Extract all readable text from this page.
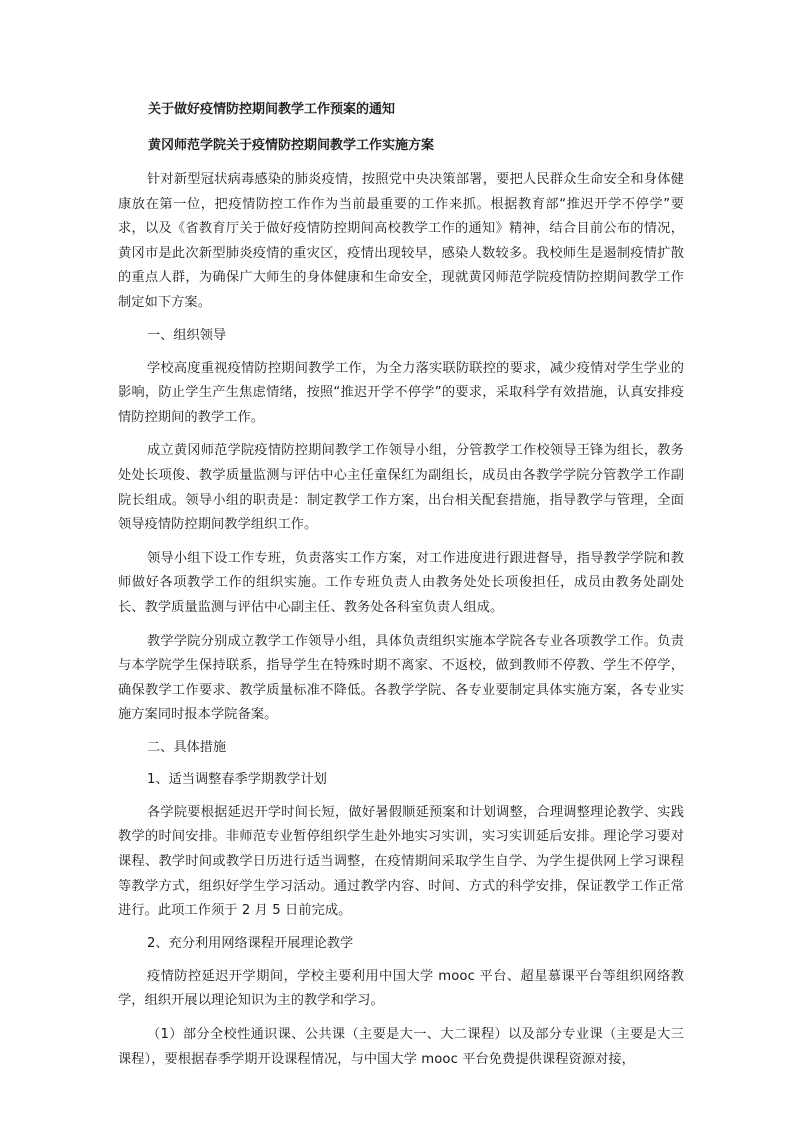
关于做好疫情防控期间教学工作预案的通知
黄冈师范学院关于疫情防控期间教学工作实施方案

针对新型冠状病毒感染的肺炎疫情，按照党中央决策部署，要把人民群众生命安全和身体健康放在第一位，把疫情防控工作作为当前最重要的工作来抓。根据教育部“推迟开学不停学”要求，以及《省教育厅关于做好疫情防控期间高校教学工作的通知》精神，结合目前公布的情况，黄冈市是此次新型肺炎疫情的重灾区，疫情出现较早，感染人数较多。我校师生是遏制疫情扩散的重点人群，为确保广大师生的身体健康和生命安全，现就黄冈师范学院疫情防控期间教学工作制定如下方案。

一、组织领导

学校高度重视疫情防控期间教学工作，为全力落实联防联控的要求，减少疫情对学生学业的影响，防止学生产生焦虑情绪，按照“推迟开学不停学”的要求，采取科学有效措施，认真安排疫情防控期间的教学工作。

成立黄冈师范学院疫情防控期间教学工作领导小组，分管教学工作校领导王锋为组长，教务处处长项俊、教学质量监测与评估中心主任童保红为副组长，成员由各教学学院分管教学工作副院长组成。领导小组的职责是：制定教学工作方案，出台相关配套措施，指导教学与管理，全面领导疫情防控期间教学组织工作。

领导小组下设工作专班，负责落实工作方案，对工作进度进行跟进督导，指导教学学院和教师做好各项教学工作的组织实施。工作专班负责人由教务处处长项俊担任，成员由教务处副处长、教学质量监测与评估中心副主任、教务处各科室负责人组成。

教学学院分别成立教学工作领导小组，具体负责组织实施本学院各专业各项教学工作。负责与本学院学生保持联系，指导学生在特殊时期不离家、不返校，做到教师不停教、学生不停学，确保教学工作要求、教学质量标准不降低。各教学学院、各专业要制定具体实施方案，各专业实施方案同时报本学院备案。

二、具体措施

1、适当调整春季学期教学计划

各学院要根据延迟开学时间长短，做好暑假顺延预案和计划调整，合理调整理论教学、实践教学的时间安排。非师范专业暂停组织学生赴外地实习实训，实习实训延后安排。理论学习要对课程、教学时间或教学日历进行适当调整，在疫情期间采取学生自学、为学生提供网上学习课程等教学方式，组织好学生学习活动。通过教学内容、时间、方式的科学安排，保证教学工作正常进行。此项工作须于 2 月 5 日前完成。

2、充分利用网络课程开展理论教学

疫情防控延迟开学期间，学校主要利用中国大学 mooc 平台、超星慕课平台等组织网络教学，组织开展以理论知识为主的教学和学习。

（1）部分全校性通识课、公共课（主要是大一、大二课程）以及部分专业课（主要是大三课程），要根据春季学期开设课程情况，与中国大学 mooc 平台免费提供课程资源对接，
